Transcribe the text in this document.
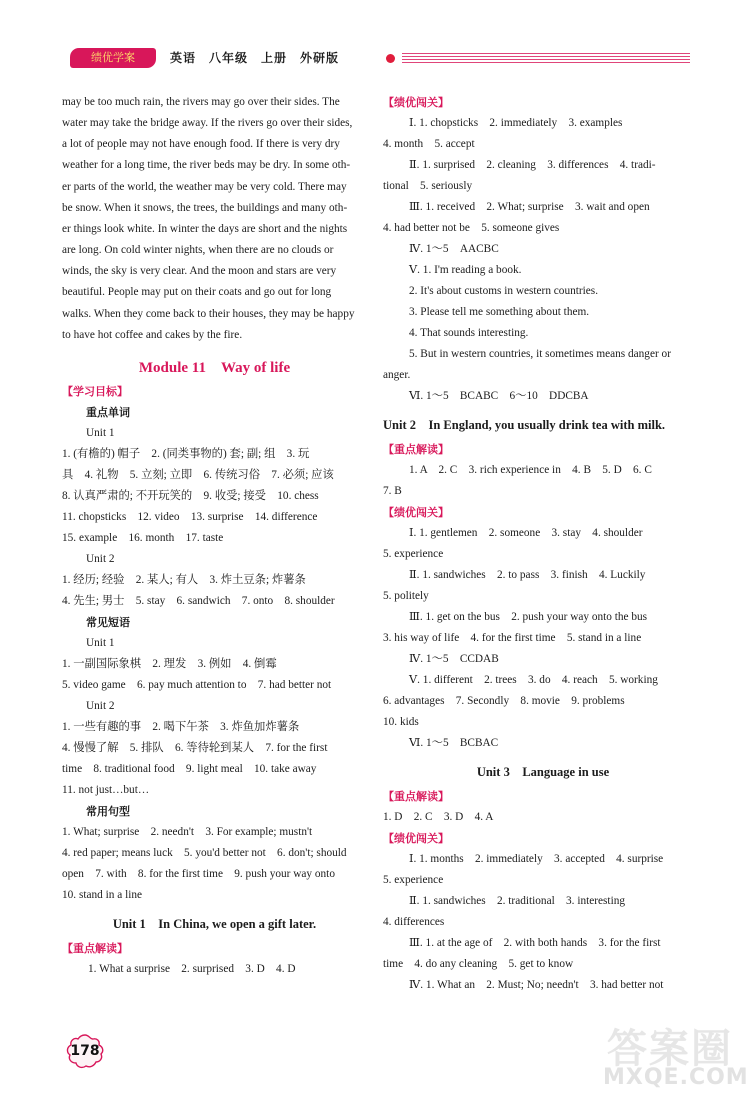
绩优学案	英语　八年级　上册　外研版

may be too much rain, the rivers may go over their sides. The

water may take the bridge away. If the rivers go over their sides,

a lot of people may not have enough food. If there is very dry

weather for a long time, the river beds may be dry. In some oth-

er parts of the world, the weather may be very cold. There may

be snow. When it snows, the trees, the buildings and many oth-

er things look white. In winter the days are short and the nights

are long. On cold winter nights, when there are no clouds or

winds, the sky is very clear. And the moon and stars are very

beautiful. People may put on their coats and go out for long

walks. When they come back to their houses, they may be happy

to have hot coffee and cakes by the fire.

Module 11　Way of life
【学习目标】
重点单词
Unit 1
1. (有檐的) 帽子　2. (同类事物的) 套; 副; 组　3. 玩
具　4. 礼物　5. 立刻; 立即　6. 传统习俗　7. 必须; 应该
8. 认真严肃的; 不开玩笑的　9. 收受; 接受　10. chess
11. chopsticks　12. video　13. surprise　14. difference
15. example　16. month　17. taste
Unit 2
1. 经历; 经验　2. 某人; 有人　3. 炸土豆条; 炸薯条
4. 先生; 男士　5. stay　6. sandwich　7. onto　8. shoulder
常见短语
Unit 1
1. 一副国际象棋　2. 理发　3. 例如　4. 倒霉
5. video game　6. pay much attention to　7. had better not
Unit 2
1. 一些有趣的事　2. 喝下午茶　3. 炸鱼加炸薯条
4. 慢慢了解　5. 排队　6. 等待轮到某人　7. for the first
time　8. traditional food　9. light meal　10. take away
11. not just…but…
常用句型
1. What; surprise　2. needn't　3. For example; mustn't
4. red paper; means luck　5. you'd better not　6. don't; should
open　7. with　8. for the first time　9. push your way onto
10. stand in a line
Unit 1　In China, we open a gift later.
【重点解读】
1. What a surprise　2. surprised　3. D　4. D
【绩优闯关】
Ⅰ. 1. chopsticks　2. immediately　3. examples
4. month　5. accept
Ⅱ. 1. surprised　2. cleaning　3. differences　4. tradi-
tional　5. seriously
Ⅲ. 1. received　2. What; surprise　3. wait and open
4. had better not be　5. someone gives
Ⅳ. 1～5　AACBC
Ⅴ. 1. I'm reading a book.
2. It's about customs in western countries.
3. Please tell me something about them.
4. That sounds interesting.
5. But in western countries, it sometimes means danger or
anger.
Ⅵ. 1～5　BCABC　6～10　DDCBA
Unit 2　In England, you usually drink tea with milk.
【重点解读】
1. A　2. C　3. rich experience in　4. B　5. D　6. C
7. B
【绩优闯关】
Ⅰ. 1. gentlemen　2. someone　3. stay　4. shoulder
5. experience
Ⅱ. 1. sandwiches　2. to pass　3. finish　4. Luckily
5. politely
Ⅲ. 1. get on the bus　2. push your way onto the bus
3. his way of life　4. for the first time　5. stand in a line
Ⅳ. 1～5　CCDAB
Ⅴ. 1. different　2. trees　3. do　4. reach　5. working
6. advantages　7. Secondly　8. movie　9. problems
10. kids
Ⅵ. 1～5　BCBAC
Unit 3　Language in use
【重点解读】
1. D　2. C　3. D　4. A
【绩优闯关】
Ⅰ. 1. months　2. immediately　3. accepted　4. surprise
5. experience
Ⅱ. 1. sandwiches　2. traditional　3. interesting
4. differences
Ⅲ. 1. at the age of　2. with both hands　3. for the first
time　4. do any cleaning　5. get to know
Ⅳ. 1. What an　2. Must; No; needn't　3. had better not
178	答案圈
MXQE.COM
